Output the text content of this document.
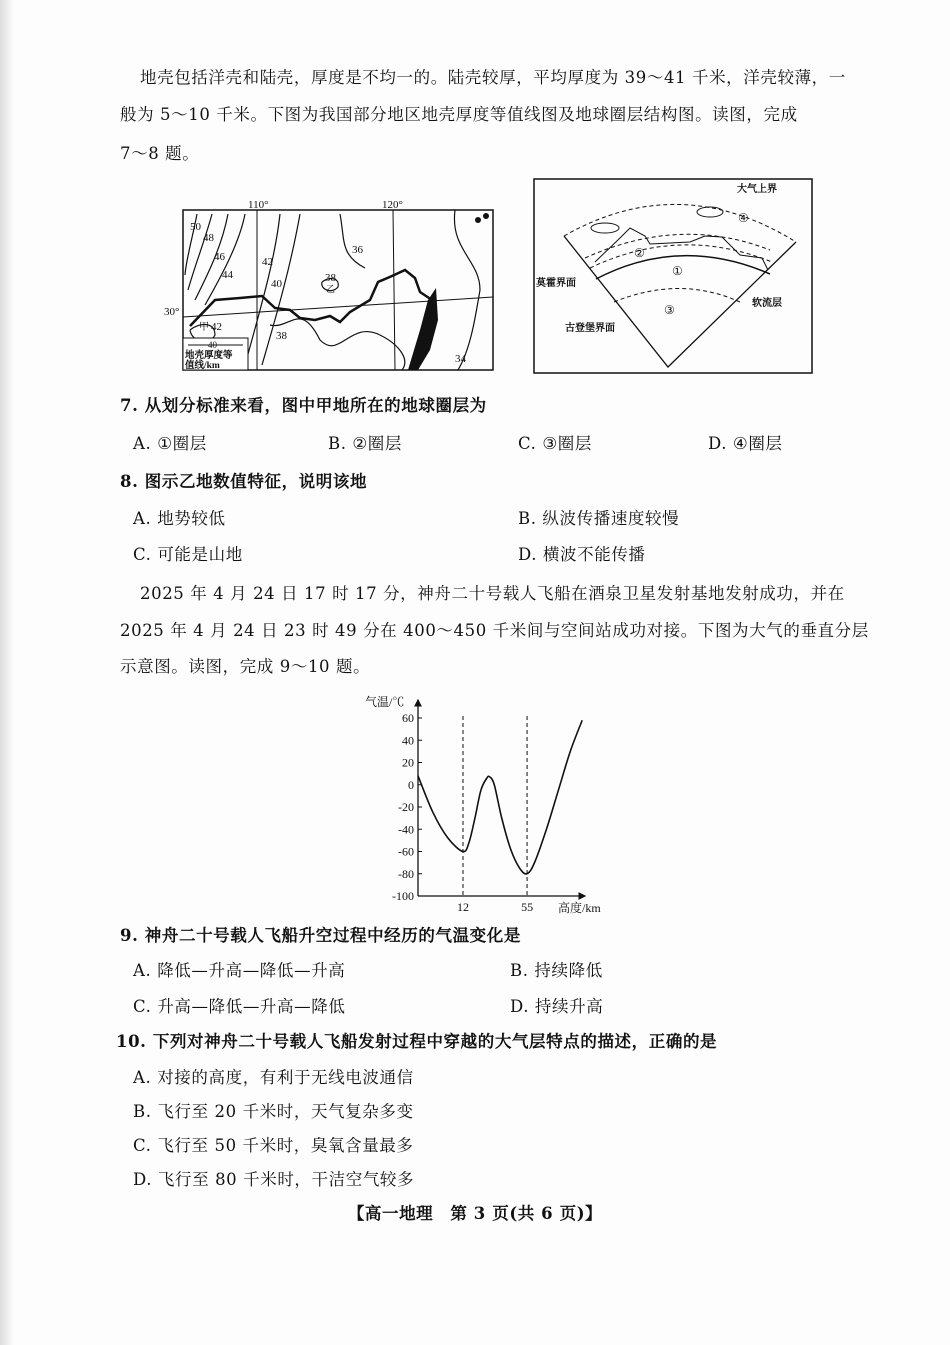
地壳包括洋壳和陆壳，厚度是不均一的。陆壳较厚，平均厚度为 39～41 千米，洋壳较薄，一
般为 5～10 千米。下图为我国部分地区地壳厚度等值线图及地球圈层结构图。读图，完成
7～8 题。
110°	120°
30°
50
48
46
44
42
40
36
38
38
34
42
甲
乙
40
地壳厚度等
值线/km
大气上界
莫霍界面
古登堡界面
软流层
①
②
③
④
7. 从划分标准来看，图中甲地所在的地球圈层为
A. ①圈层	B. ②圈层	C. ③圈层	D. ④圈层
8. 图示乙地数值特征，说明该地
A. 地势较低	B. 纵波传播速度较慢
C. 可能是山地	D. 横波不能传播
2025 年 4 月 24 日 17 时 17 分，神舟二十号载人飞船在酒泉卫星发射基地发射成功，并在
2025 年 4 月 24 日 23 时 49 分在 400～450 千米间与空间站成功对接。下图为大气的垂直分层
示意图。读图，完成 9～10 题。
气温/℃
高度/km
60
40
20
0
-20
-40
-60
-80
-100
12	55
9. 神舟二十号载人飞船升空过程中经历的气温变化是
A. 降低—升高—降低—升高	B. 持续降低
C. 升高—降低—升高—降低	D. 持续升高
10. 下列对神舟二十号载人飞船发射过程中穿越的大气层特点的描述，正确的是
A. 对接的高度，有利于无线电波通信
B. 飞行至 20 千米时，天气复杂多变
C. 飞行至 50 千米时，臭氧含量最多
D. 飞行至 80 千米时，干洁空气较多
【高一地理　第 3 页(共 6 页)】
